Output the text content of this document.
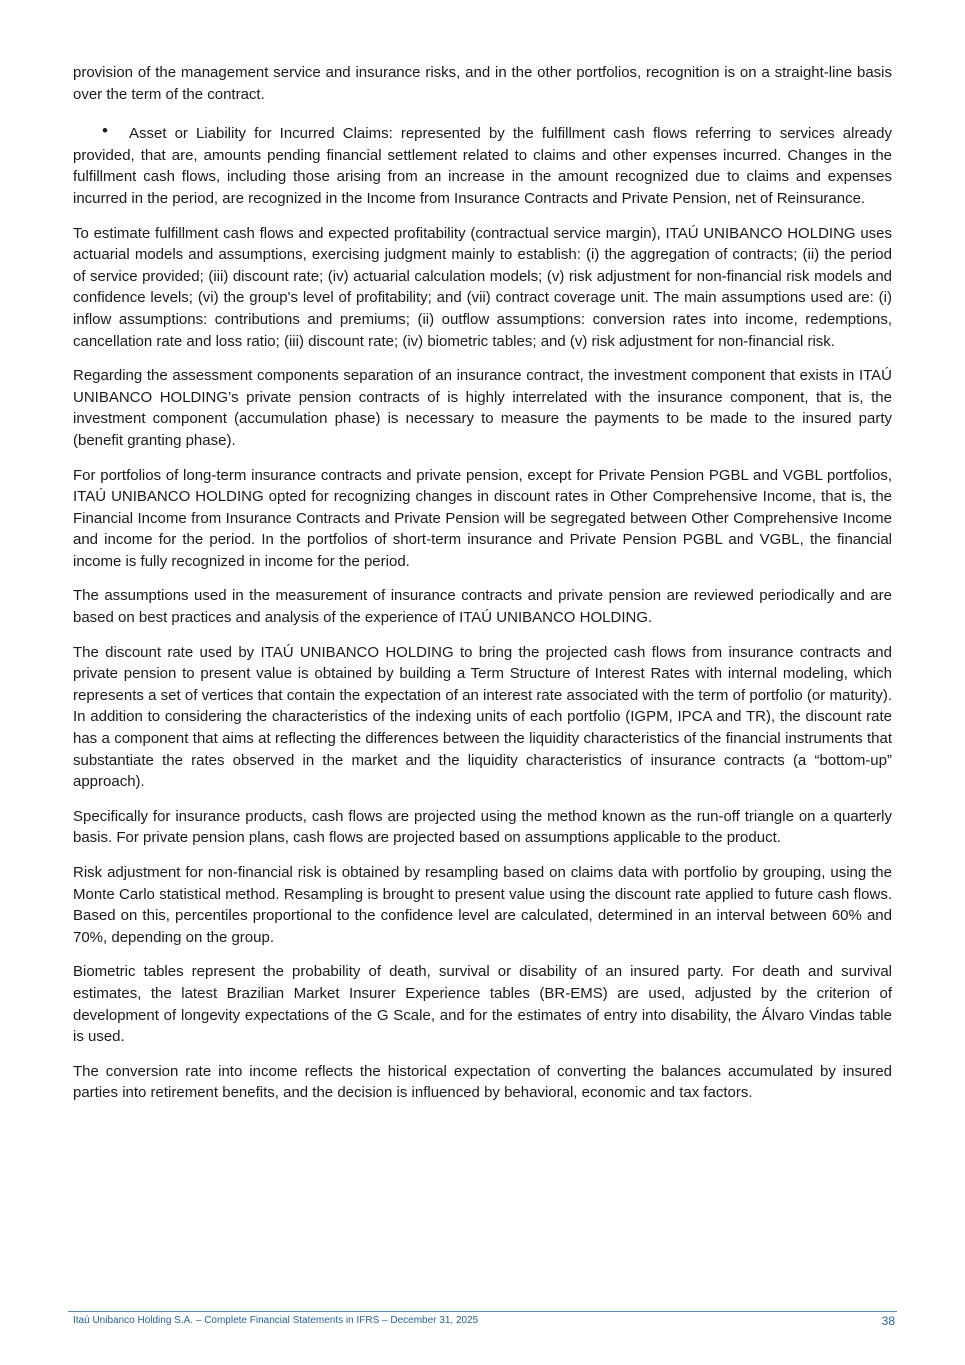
provision of the management service and insurance risks, and in the other portfolios, recognition is on a straight-line basis over the term of the contract.

• Asset or Liability for Incurred Claims: represented by the fulfillment cash flows referring to services already provided, that are, amounts pending financial settlement related to claims and other expenses incurred. Changes in the fulfillment cash flows, including those arising from an increase in the amount recognized due to claims and expenses incurred in the period, are recognized in the Income from Insurance Contracts and Private Pension, net of Reinsurance.

To estimate fulfillment cash flows and expected profitability (contractual service margin), ITAÚ UNIBANCO HOLDING uses actuarial models and assumptions, exercising judgment mainly to establish: (i) the aggregation of contracts; (ii) the period of service provided; (iii) discount rate; (iv) actuarial calculation models; (v) risk adjustment for non-financial risk models and confidence levels; (vi) the group's level of profitability; and (vii) contract coverage unit. The main assumptions used are: (i) inflow assumptions: contributions and premiums; (ii) outflow assumptions: conversion rates into income, redemptions, cancellation rate and loss ratio; (iii) discount rate; (iv) biometric tables; and (v) risk adjustment for non-financial risk.

Regarding the assessment components separation of an insurance contract, the investment component that exists in ITAÚ UNIBANCO HOLDING’s private pension contracts of is highly interrelated with the insurance component, that is, the investment component (accumulation phase) is necessary to measure the payments to be made to the insured party (benefit granting phase).

For portfolios of long-term insurance contracts and private pension, except for Private Pension PGBL and VGBL portfolios, ITAÚ UNIBANCO HOLDING opted for recognizing changes in discount rates in Other Comprehensive Income, that is, the Financial Income from Insurance Contracts and Private Pension will be segregated between Other Comprehensive Income and income for the period. In the portfolios of short-term insurance and Private Pension PGBL and VGBL, the financial income is fully recognized in income for the period.

The assumptions used in the measurement of insurance contracts and private pension are reviewed periodically and are based on best practices and analysis of the experience of ITAÚ UNIBANCO HOLDING.

The discount rate used by ITAÚ UNIBANCO HOLDING to bring the projected cash flows from insurance contracts and private pension to present value is obtained by building a Term Structure of Interest Rates with internal modeling, which represents a set of vertices that contain the expectation of an interest rate associated with the term of portfolio (or maturity). In addition to considering the characteristics of the indexing units of each portfolio (IGPM, IPCA and TR), the discount rate has a component that aims at reflecting the differences between the liquidity characteristics of the financial instruments that substantiate the rates observed in the market and the liquidity characteristics of insurance contracts (a “bottom-up” approach).

Specifically for insurance products, cash flows are projected using the method known as the run-off triangle on a quarterly basis. For private pension plans, cash flows are projected based on assumptions applicable to the product.

Risk adjustment for non-financial risk is obtained by resampling based on claims data with portfolio by grouping, using the Monte Carlo statistical method. Resampling is brought to present value using the discount rate applied to future cash flows. Based on this, percentiles proportional to the confidence level are calculated, determined in an interval between 60% and 70%, depending on the group.

Biometric tables represent the probability of death, survival or disability of an insured party. For death and survival estimates, the latest Brazilian Market Insurer Experience tables (BR-EMS) are used, adjusted by the criterion of development of longevity expectations of the G Scale, and for the estimates of entry into disability, the Álvaro Vindas table is used.

The conversion rate into income reflects the historical expectation of converting the balances accumulated by insured parties into retirement benefits, and the decision is influenced by behavioral, economic and tax factors.

Itaú Unibanco Holding S.A. – Complete Financial Statements in IFRS – December 31, 2025	38
